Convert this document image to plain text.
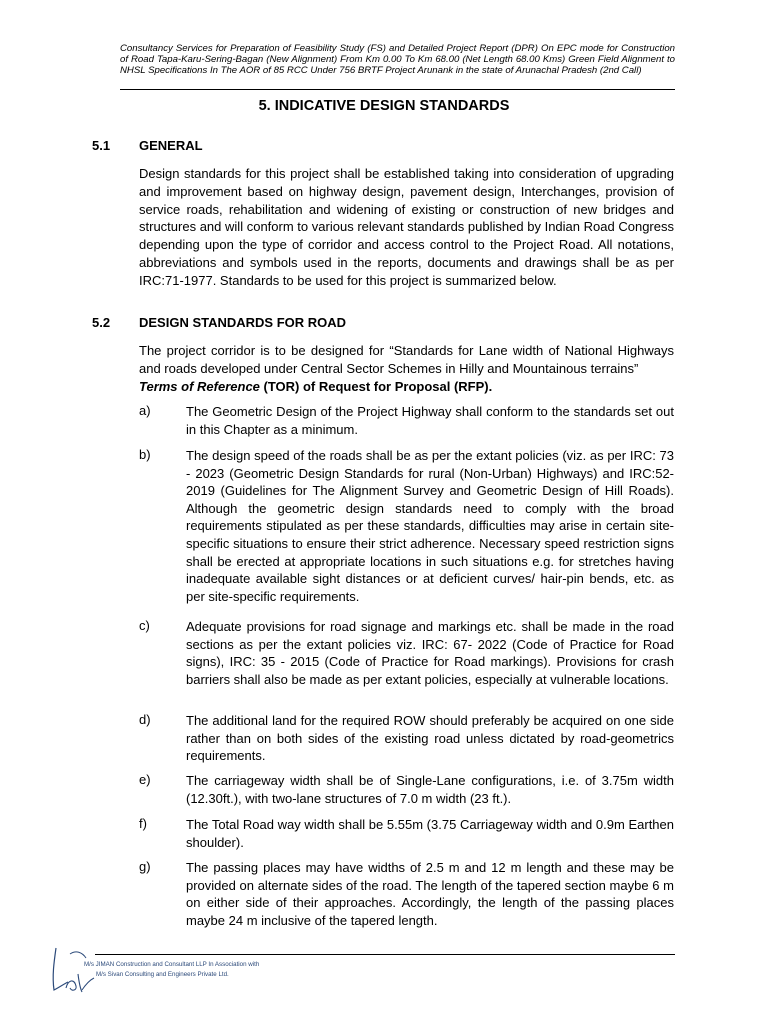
Consultancy Services for Preparation of Feasibility Study (FS) and Detailed Project Report (DPR) On EPC mode for Construction of Road Tapa-Karu-Sering-Bagan (New Alignment) From Km 0.00 To Km 68.00 (Net Length 68.00 Kms) Green Field Alignment to NHSL Specifications In The AOR of 85 RCC Under 756 BRTF Project Arunank in the state of Arunachal Pradesh (2nd Call)
5. INDICATIVE DESIGN STANDARDS
5.1 GENERAL
Design standards for this project shall be established taking into consideration of upgrading and improvement based on highway design, pavement design, Interchanges, provision of service roads, rehabilitation and widening of existing or construction of new bridges and structures and will conform to various relevant standards published by Indian Road Congress depending upon the type of corridor and access control to the Project Road. All notations, abbreviations and symbols used in the reports, documents and drawings shall be as per IRC:71-1977. Standards to be used for this project is summarized below.
5.2 DESIGN STANDARDS FOR ROAD
The project corridor is to be designed for “Standards for Lane width of National Highways and roads developed under Central Sector Schemes in Hilly and Mountainous terrains”
Terms of Reference (TOR) of Request for Proposal (RFP).
a)	The Geometric Design of the Project Highway shall conform to the standards set out in this Chapter as a minimum.
b)	The design speed of the roads shall be as per the extant policies (viz. as per IRC: 73 - 2023 (Geometric Design Standards for rural (Non-Urban) Highways) and IRC:52-2019 (Guidelines for The Alignment Survey and Geometric Design of Hill Roads). Although the geometric design standards need to comply with the broad requirements stipulated as per these standards, difficulties may arise in certain site-specific situations to ensure their strict adherence. Necessary speed restriction signs shall be erected at appropriate locations in such situations e.g. for stretches having inadequate available sight distances or at deficient curves/ hair-pin bends, etc. as per site-specific requirements.
c)	Adequate provisions for road signage and markings etc. shall be made in the road sections as per the extant policies viz. IRC: 67- 2022 (Code of Practice for Road signs), IRC: 35 - 2015 (Code of Practice for Road markings). Provisions for crash barriers shall also be made as per extant policies, especially at vulnerable locations.
d)	The additional land for the required ROW should preferably be acquired on one side rather than on both sides of the existing road unless dictated by road-geometrics requirements.
e)	The carriageway width shall be of Single-Lane configurations, i.e. of 3.75m width (12.30ft.), with two-lane structures of 7.0 m width (23 ft.).
f)	The Total Road way width shall be 5.55m (3.75 Carriageway width and 0.9m Earthen shoulder).
g)	The passing places may have widths of 2.5 m and 12 m length and these may be provided on alternate sides of the road. The length of the tapered section maybe 6 m on either side of their approaches. Accordingly, the length of the passing places maybe 24 m inclusive of the tapered length.
M/s JIMAN Construction and Consultant LLP In Association with
M/s Sivan Consulting and Engineers Private Ltd.
